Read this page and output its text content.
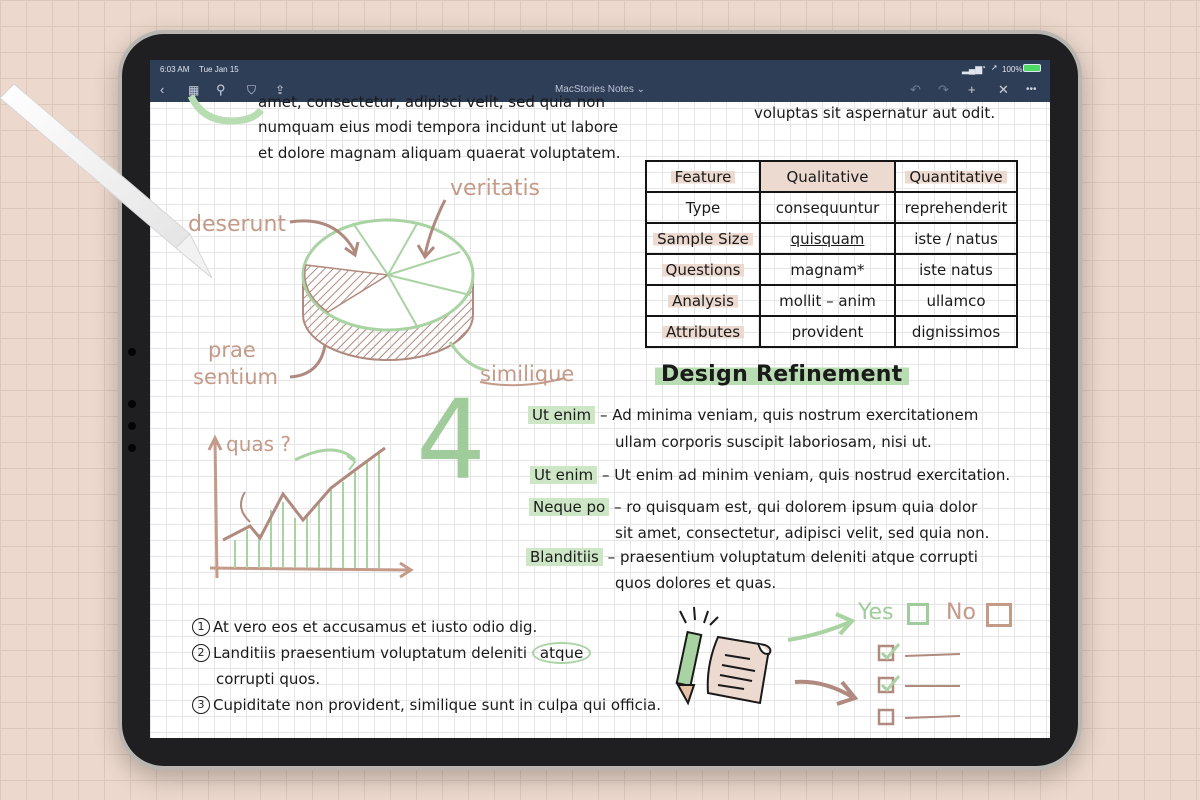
6:03 AM Tue Jan 15	▂▄▆
◔ ➚ 100%
‹ ▦ ⚲ ⛉ ⇪	MacStories Notes ⌄	↶ ↷ + ✕ •••
amet, consectetur, adipisci velit, sed quia non
numquam eius modi tempora incidunt ut labore
et dolore magnam aliquam quaerat voluptatem.
voluptas sit aspernatur aut odit.
deserunt
veritatis
prae
sentium	similique
quas ? 4
Feature	Qualitative	Quantitative
Type	consequuntur	reprehenderit
Sample Size	quisquam	iste / natus
Questions	magnam*	iste natus
Analysis	mollit – anim	ullamco
Attributes	provident	dignissimos
Design Refinement
Ut enim – Ad minima veniam, quis nostrum exercitationem
ullam corporis suscipit laboriosam, nisi ut.
Ut enim – Ut enim ad minim veniam, quis nostrud exercitation.
Neque po – ro quisquam est, qui dolorem ipsum quia dolor
sit amet, consectetur, adipisci velit, sed quia non.
Blanditiis – praesentium voluptatum deleniti atque corrupti
quos dolores et quas.
1 At vero eos et accusamus et iusto odio dig.
2 Landitiis praesentium voluptatum deleniti atque
corrupti quos.
3 Cupiditate non provident, similique sunt in culpa qui officia.
Yes No
